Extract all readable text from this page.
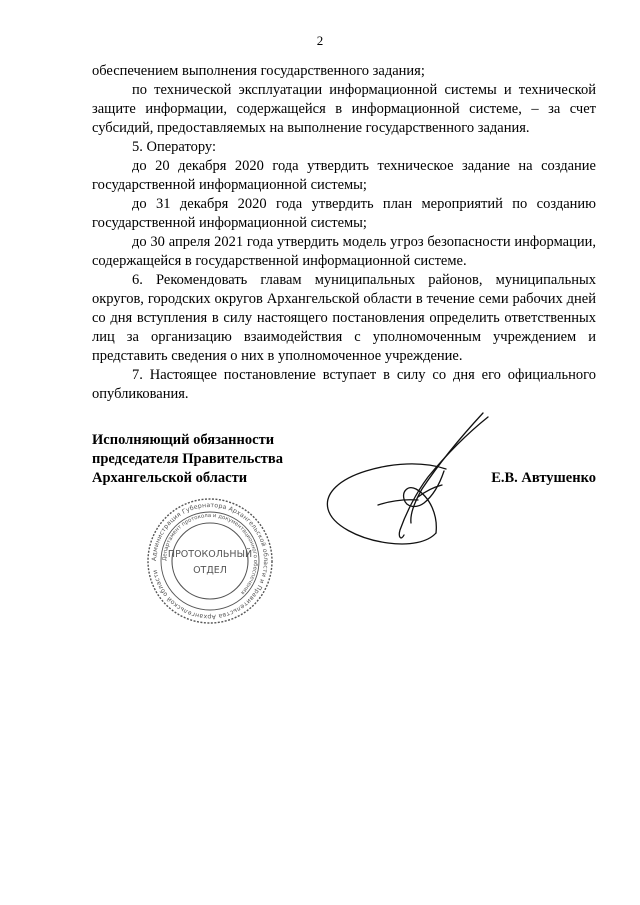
2

обеспечением выполнения государственного задания;

по технической эксплуатации информационной системы и технической защите информации, содержащейся в информационной системе, – за счет субсидий, предоставляемых на выполнение государственного задания.

5. Оператору:

до 20 декабря 2020 года утвердить техническое задание на создание государственной информационной системы;

до 31 декабря 2020 года утвердить план мероприятий по созданию государственной информационной системы;

до 30 апреля 2021 года утвердить модель угроз безопасности информации, содержащейся в государственной информационной системе.

6. Рекомендовать главам муниципальных районов, муниципальных округов, городских округов Архангельской области в течение семи рабочих дней со дня вступления в силу настоящего постановления определить ответственных лиц за организацию взаимодействия с уполномоченным учреждением и представить сведения о них в уполномоченное учреждение.

7. Настоящее постановление вступает в силу со дня его официального опубликования.

Исполняющий обязанности
председателя Правительства
Архангельской области	Е.В. Автушенко
Администрация Губернатора Архангельской области и Правительства Архангельской области
Департамент протокола и документационного обеспечения
ПРОТОКОЛЬНЫЙ
ОТДЕЛ
